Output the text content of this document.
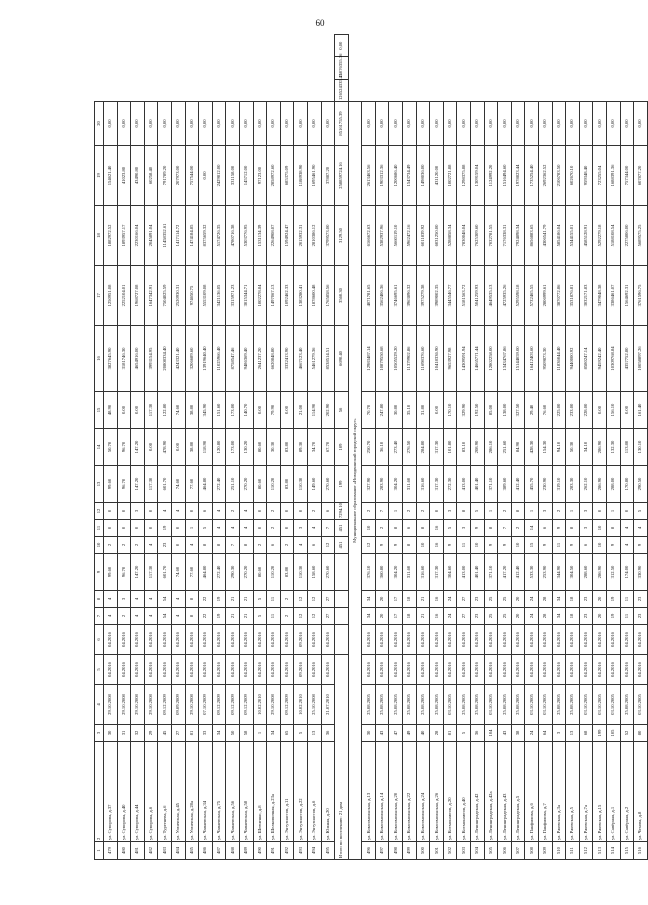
60
1	2	3	4	5	6	7	8	9	10	11	12	13	14	15	16	17	18	19	20			
479	ул. Суворова, д.37	30	29.10.2008	04.2016	04.2016	4	4	99.60	2	0	0	99.60	50.70	48.90	3827645.90	1250951.08	1882972.52	154621.40	0,00			
480	ул. Суворова, д.40	31	29.10.2008	04.2016	04.2016	2	3	96.70	2	0	0	96.70	96.70	0.00	3181746.30	2252104.01	1893957.17	41023.80	0,00			
481	ул. Суворова, д.44	32	29.10.2008	04.2016	04.2016	4	4	147.20	2	0	3	147.20	147.20	0.00	4654916.00	1968727.08	2230166.04	43490.80	0,00			
482	ул. Суворова, д.6	29	29.10.2008	04.2016	04.2016	4	4	117.30	4	0	0	117.30	0.00	117.30	3993154.95	1647342.91	2045891.04	60258.40	0,00			
483	ул. Тургенева, д.6	45	09.12.2009	04.2016	04.2016	54	54	601.70	23	19	4	601.70	478.90	122.80	20808334.40	7504025.59	11458352.61	791789.20	0,00			
484	ул. Угличская, д.45	27	09.09.2009	04.2016	04.2016	4	4	74.60	0	0	4	74.60	0.00	74.60	4243321.40	2520930.31	1417114.72	207973.00	0,00			
485	ул. Угличская, д.28а	81	29.10.2008	04.2016	04.2016	8	8	77.60	4	1	0	77.60	38.80	38.80	3206689.60	974650.75	1474184.85	757544.00	0,00			
486	ул. Чапаевская, д.34	33	07.10.2009	04.2016	04.2016	22	22	464.80	8	5	6	464.80	118.90	345.90	13919640.40	5553109.08	8375659.32	0.00	0,00			
487	ул. Чапаевская, д.75	34	09.12.2009	04.2016	04.2016	19	19	272.40	8	4	4	272.40	120.80	151.60	11025966.40	3421136.05	5174726.35	2429812.00	0,00			
488	ул. Чапаевская, д.56	50	09.12.2009	04.2016	04.2016	21	21	290.30	7	4	2	251.10	173.00	173.00	8758547.46	3315971.23	4780716.38	331158.00	0,00			
489	ул. Чапаевская, д.58	58	09.12.2009	04.2016	04.2016	21	21	270.20	8	4	4	270.20	130.20	140.70	9486369.40	3015344.71	5303776.95	145712.00	0,00			
490	ул. Шевченко, д.8	1	10.02.2010	04.2016	04.2016	5	5	80.60	2	0	0	80.60	80.60	0.00	2641237.20	1002278.84	1531134.39	97123.00	0,00			
491	ул. Шелковичная, д.23а	34	29.10.2008	04.2016	04.2016	11	11	110.20	6	2	2	110.20	30.30	79.90	6620848.80	1497067.13	2264908.07	2858972.60	0,00			
492	ул. Энтузиастов, д.11	65	09.12.2009	04.2016	04.2016	2	2	83.80	2	0	0	83.80	83.80	0.00	3332413.90	1092462.33	1594924.47	685375.09	0,00			
493	ул. Энтузиастов, д.22	5	10.02.2010	09.2016	09.2016	12	12	110.30	4	3	0	110.30	89.30	21.00	4667123.40	1383280.41	2015932.31	1188938.90	0,00			
494	ул. Энтузиастов, д.6	13	25.10.2008	04.2016	04.2016	12	12	158.60	6	4	2	149.60	34.70	114.90	5461279.36	1878600.48	2810386.12	1695461.90	0,00			
495	ул. Южная, д.20	36	21.07.2010	04.2016	04.2016	27	27	270.60	12	7	6	270.60	67.70	202.90	8538514.51	1765858.56	3799573.00	37887.20	0,00			
Итого по поселению: 21 дом									451	451	7294.10	199	109	56	6690.40	3560.30	3129.50	258859724.16	85161755.39	126524335.41	25076355.36	0,00
Муниципальное образование «Новодвинский городской округ»																						
496	ул. Комсомольская, д.13	30	25.08.2005	04.2016	04.2016	34	34	376.10	12	10	2	327.90	250.70	70.70	12983487.14	4071781.65	6166672.63	2613463.56	0,00			
497	ул. Комсомольская, д.14	43	25.08.2005	04.2016	04.2016	20	20	360.80	9	2	7	283.90	36.10	247.80	10879550.68	3562406.36	5382937.96	1903312.36	0,00			
498	ул. Комсомольская, д.20	47	25.08.2005	04.2016	04.2016	17	17	304.20	9	8	1	304.20	273.40	30.80	10505529.20	3746695.61	5660119.10	1200686.40	0,00			
499	ул. Комсомольская, д.22	49	25.08.2005	04.2016	04.2016	18	18	311.60	8	6	2	311.60	276.50	35.10	11379902.86	3963896.32	5962472.16	1543734.49	0,00			
500	ул. Комсомольская, д.24	40	25.08.2005	04.2016	04.2016	21	21	316.60	10	8	2	316.60	284.80	31.80	11698376.60	3975279.38	6011839.92	1498036.00	0,00			
501	ул. Комсомольская, д.26	28	25.08.2005	04.2016	04.2016	16	16	317.30	16	16	0	317.30	317.30	0.00	10418336.90	3989002.35	6031250.00	431120.00	0,00			
502	ул. Космонавтов, д.20	81	03.10.2005	04.2016	04.2016	24	24	304.60	9	5	3	272.30	101.80	170.10	9653927.98	3445546.77	5288858.34	1002721.88	0,00			
503	ул. Космонавтов, д.40	5	25.08.2005	04.2016	04.2016	27	27	413.00	11	3	8	413.00	83.10	329.90	14309591.94	5181563.72	7830048.04	1298375.88	0,00			
504	ул. Ленинградская, д.42	36	25.08.2005	04.2016	04.2016	23	23	401.40	10	9	5	401.40	208.90	192.50	14665771.44	5041259.93	7625309.60	1309159.04	0,00			
505	ул. Ленинградская, д.42а	104	03.10.2005	04.2016	04.2016	25	25	371.10	9	8	1	371.10	286.10	85.00	12802258.00	4649535.13	7032781.55	1124992.20	0,00			
506	ул. Ленинградская, д.43	43	25.08.2005	04.2016	04.2016	25	25	417.20	9	7	2	389.60	251.60	138.00	13434767.86	4725935.26	7176338.31	1516494.60	0,00			
507	ул. Ленинградская, д.5	38	25.08.2005	04.2016	04.2016	20	20	412.40	10	2	8	412.40	84.90	327.50	15144059.00	5295598.18	7924898.34	1978823.44	0,00			
508	ул. Панфилова, д.6	24	03.10.2005	04.2016	04.2016	24	24	533.30	15	14	1	455.70	428.30	29.40	16412403.60	5732465.55	8656883.65	1735254.40	0,00			
509	ул. Панфилова, д.7	64	03.10.2005	04.2016	04.2016	28	28	253.90	9	6	3	230.90	154.30	76.60	9509873.30	2806999.61	4306541.79	2692362.52	0,00			
510	ул. Ржевская, д.3а	3	25.08.2005	04.2016	04.2016	34	34	344.90	11	9	2	319.10	94.10	225.00	11836044.40	3870772.86	5854186.04	2106783.50	0,00			
511	ул. Ржевская, д.5	13	25.08.2005	04.2016	04.2016	18	18	304.50	9	8	1	283.30	50.30	233.00	9440000.92	3531876.81	5344155.01	602670.10	0,00			
512	ул. Ржевская, д.7а	68	03.10.2005	04.2016	04.2016	23	23	288.60	6	3	3	262.10	34.10	228.00	8580247.14	3032171.83	4585128.91	959348.40	0,00			
513	ул. Ржевская, д.15	199	03.10.2005	04.2016	04.2016	20	20	286.90	10	10	0	286.90	286.90	0.00	9459242.40	3479048.38	5292279.18	723255.04	0,00			
514	ул. Сапёрная, д.1	105	03.10.2005	04.2016	04.2016	19	19	312.50	9	8	1	288.00	132.30	156.10	10309768.84	3386461.07	5188108.54	1688391.36	0,00			
515	ул. Сапёрная, д.2	52	25.08.2005	04.2016	04.2016	11	11	174.00	4	4	0	170.80	113.80	0.00	4357752.80	1564692.31	2275806.00	757344.00	0,00			
516	ул. Чехова, д.8	80	03.10.2005	04.2016	04.2016	23	23	330.90	9	4	5	290.50	130.10	161.40	10058897.26	3761596.75	5689575.25	607877.20	0,00			
